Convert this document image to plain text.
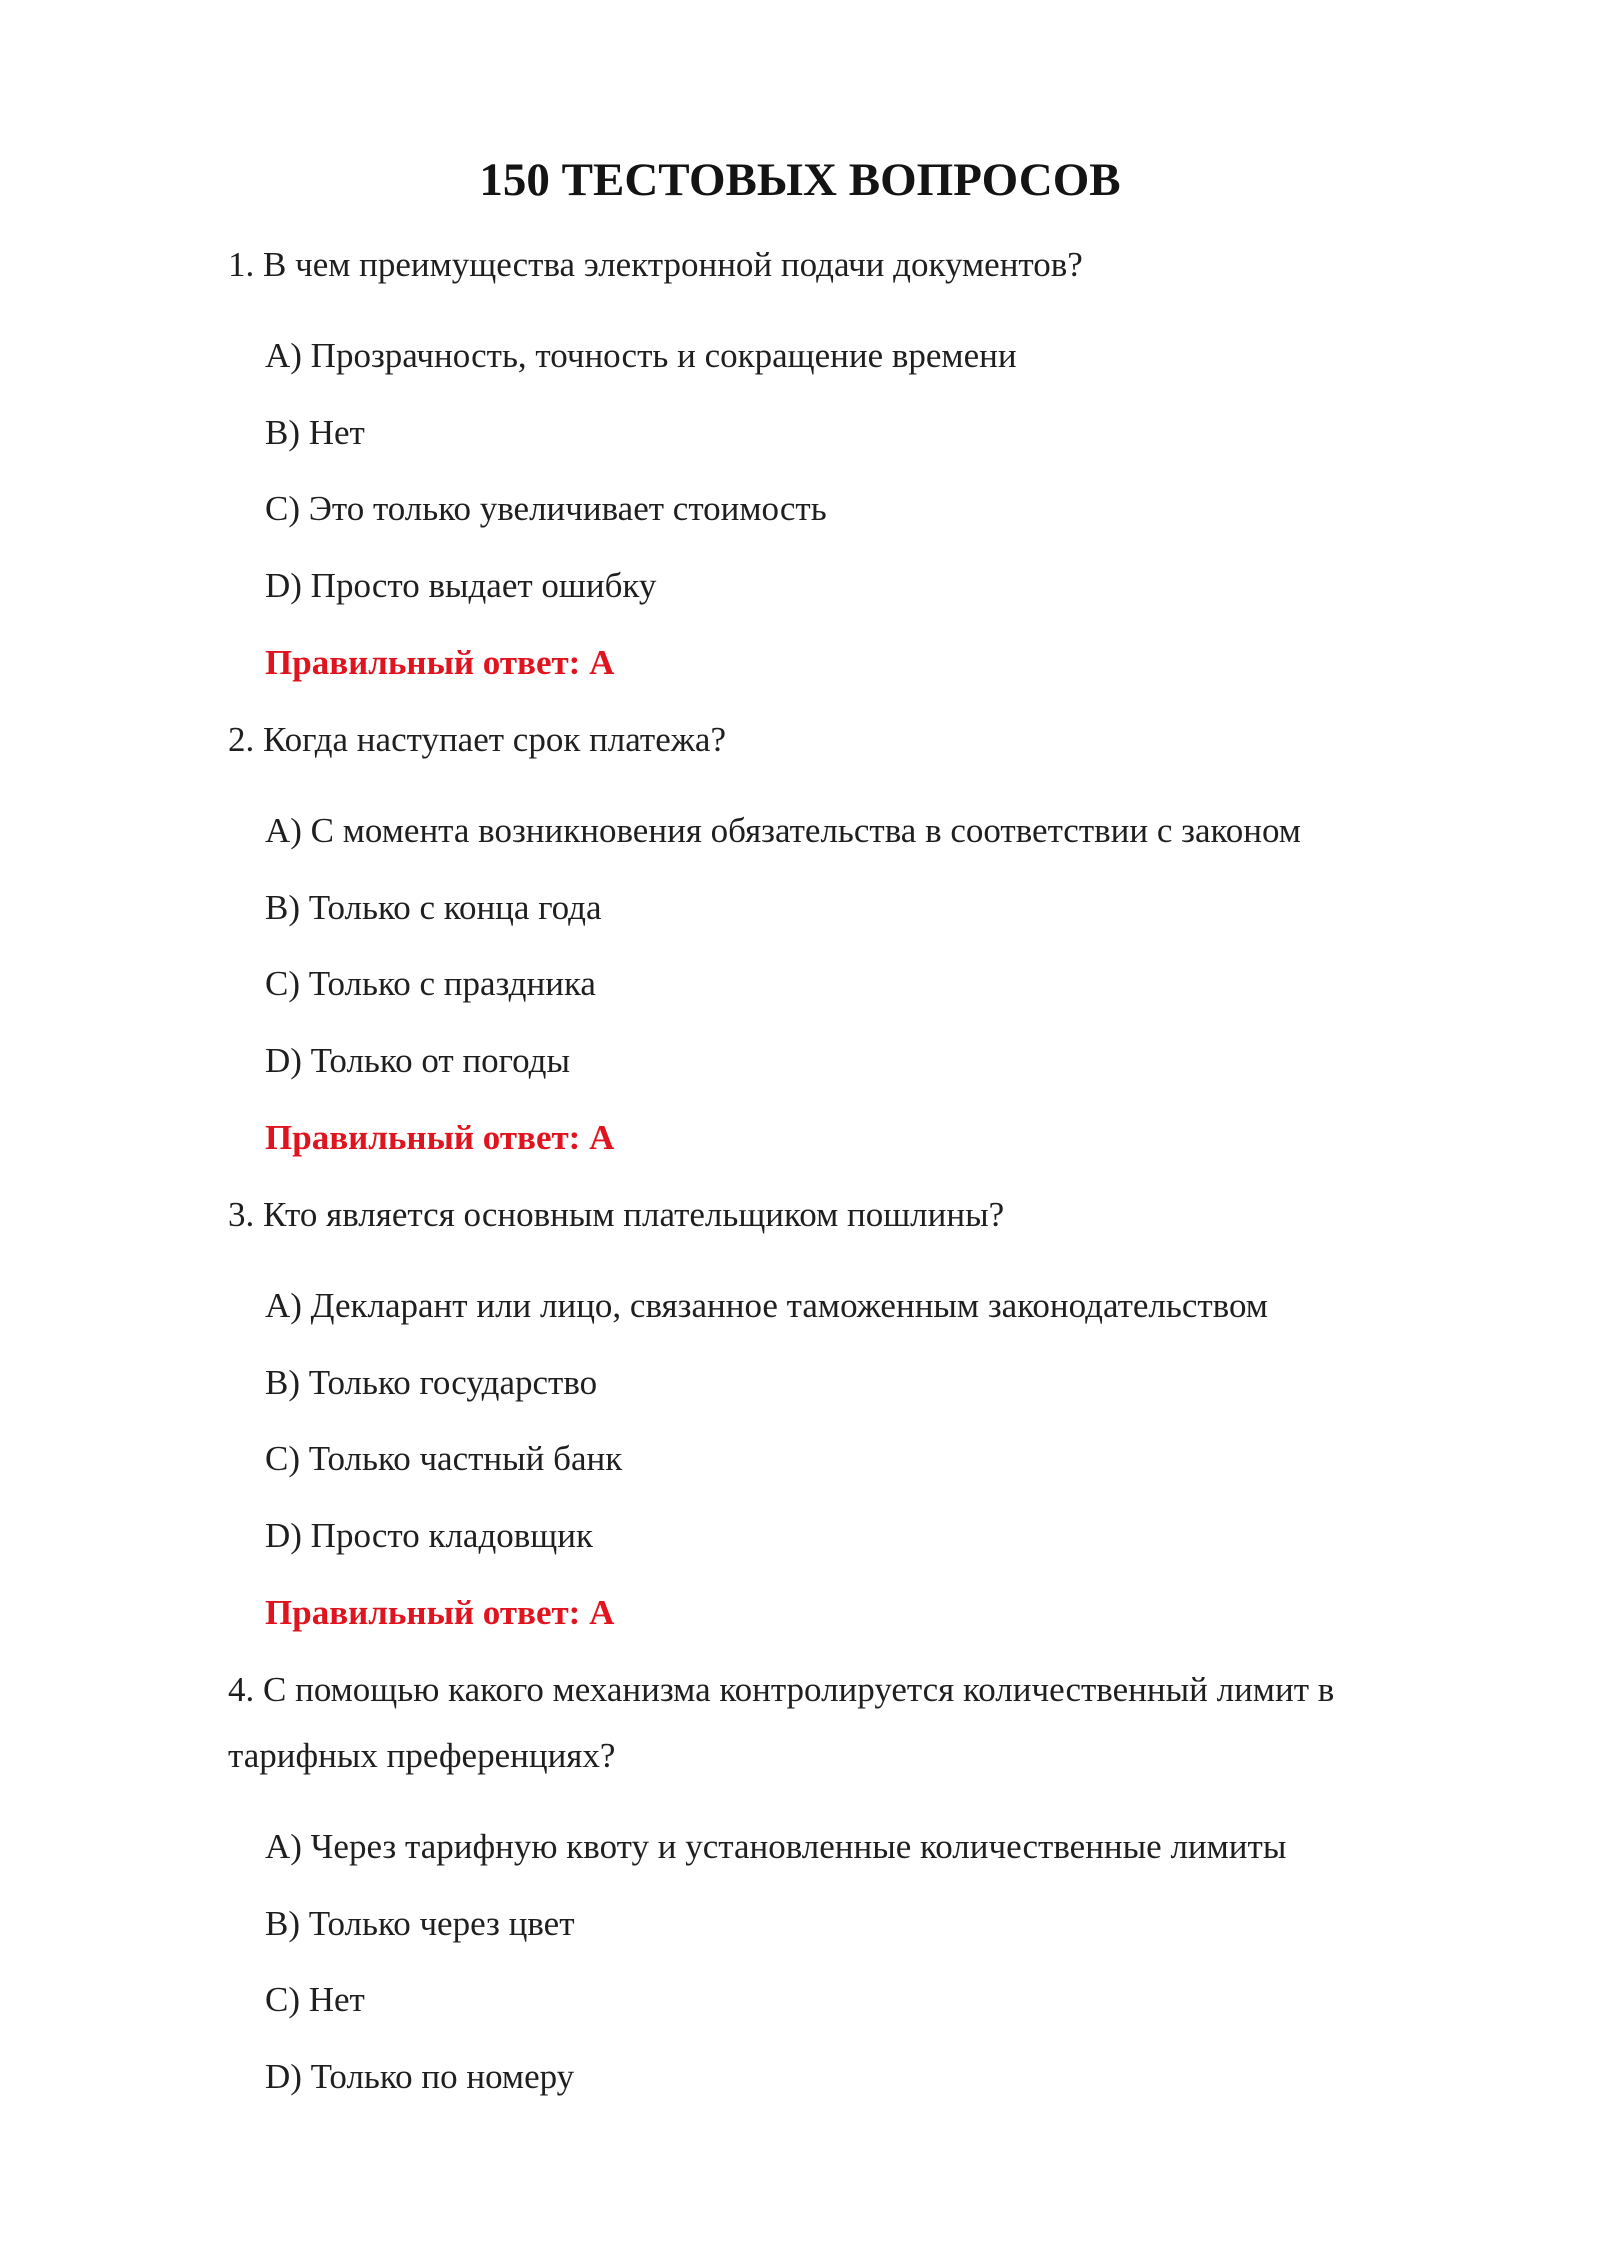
150 ТЕСТОВЫХ ВОПРОСОВ
1. В чем преимущества электронной подачи документов?
A) Прозрачность, точность и сокращение времени
B) Нет
C) Это только увеличивает стоимость
D) Просто выдает ошибку
Правильный ответ: A
2. Когда наступает срок платежа?
A) С момента возникновения обязательства в соответствии с законом
B) Только с конца года
C) Только с праздника
D) Только от погоды
Правильный ответ: A
3. Кто является основным плательщиком пошлины?
A) Декларант или лицо, связанное таможенным законодательством
B) Только государство
C) Только частный банк
D) Просто кладовщик
Правильный ответ: A
4. С помощью какого механизма контролируется количественный лимит в
тарифных преференциях?
A) Через тарифную квоту и установленные количественные лимиты
B) Только через цвет
C) Нет
D) Только по номеру
